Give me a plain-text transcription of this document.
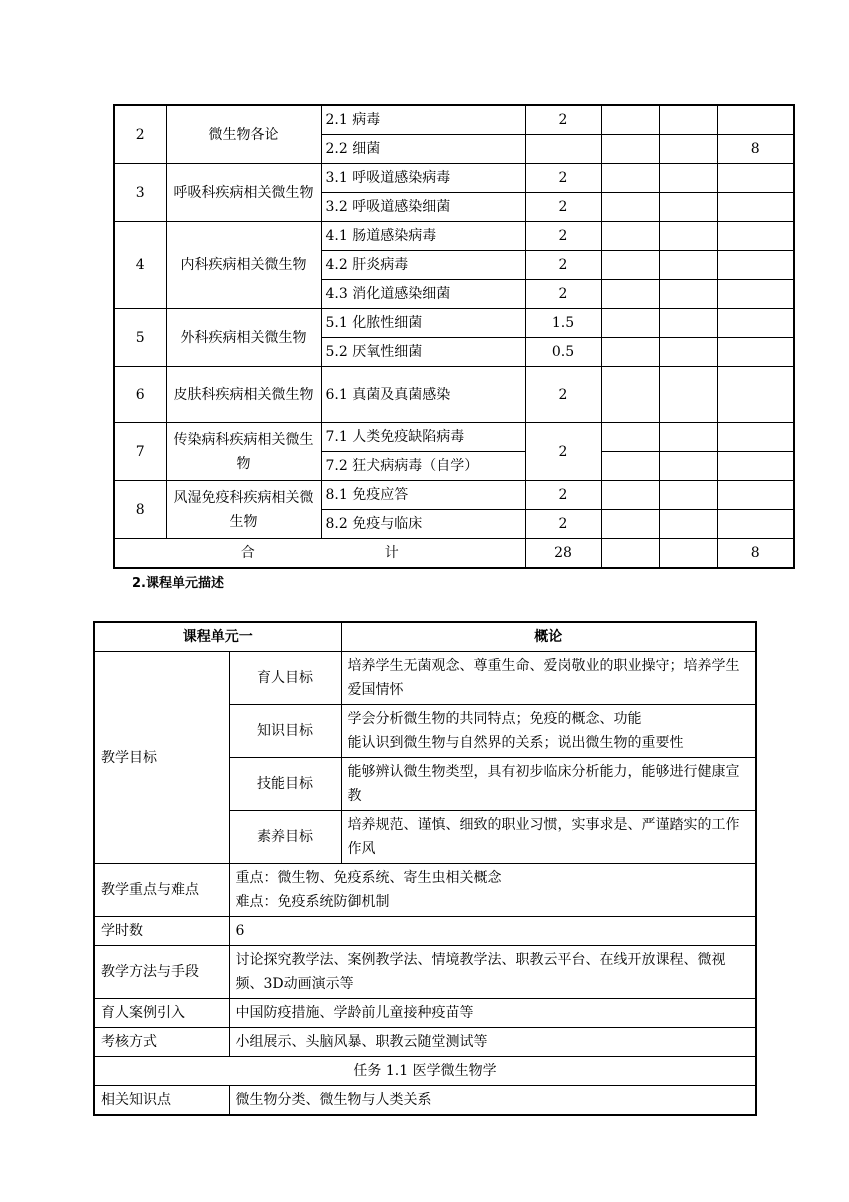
2	微生物各论	2.1 病毒	2			
		2.2 细菌				8
3	呼吸科疾病相关微生物	3.1 呼吸道感染病毒	2			
		3.2 呼吸道感染细菌	2			
4	内科疾病相关微生物	4.1 肠道感染病毒	2			
		4.2 肝炎病毒	2			
		4.3 消化道感染细菌	2			
5	外科疾病相关微生物	5.1 化脓性细菌	1.5			
		5.2 厌氧性细菌	0.5			
6	皮肤科疾病相关微生物	6.1 真菌及真菌感染	2			
7	传染病科疾病相关微生物	7.1 人类免疫缺陷病毒	2			
		7.2 狂犬病病毒（自学）				
8	风湿免疫科疾病相关微生物	8.1 免疫应答	2			
		8.2 免疫与临床	2			
合 计			28			8
2.课程单元描述
课程单元一		概论
教学目标	育人目标	培养学生无菌观念、尊重生命、爱岗敬业的职业操守；培养学生爱国情怀
	知识目标	学会分析微生物的共同特点；免疫的概念、功能
能认识到微生物与自然界的关系；说出微生物的重要性

	技能目标	能够辨认微生物类型，具有初步临床分析能力，能够进行健康宣教
	素养目标	培养规范、谨慎、细致的职业习惯，实事求是、严谨踏实的工作作风
教学重点与难点	重点：微生物、免疫系统、寄生虫相关概念
难点：免疫系统防御机制	

学时数	6	
教学方法与手段	讨论探究教学法、案例教学法、情境教学法、职教云平台、在线开放课程、微视频、3D动画演示等	
育人案例引入	中国防疫措施、学龄前儿童接种疫苗等	
考核方式	小组展示、头脑风暴、职教云随堂测试等	
任务 1.1 医学微生物学		
相关知识点	微生物分类、微生物与人类关系	
